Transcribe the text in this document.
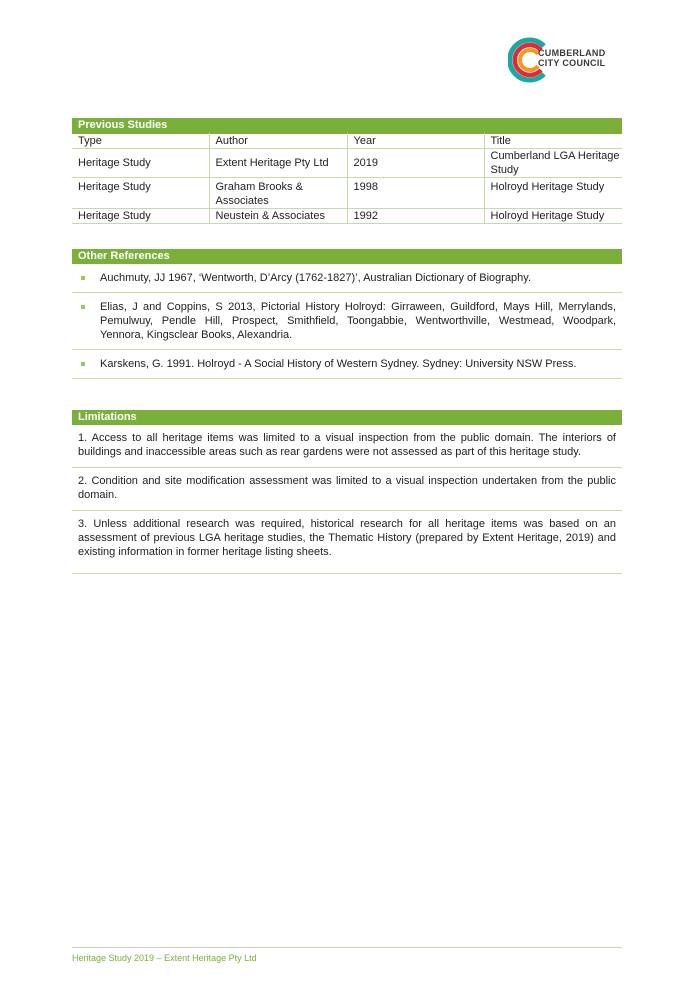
CUMBERLAND
CITY COUNCIL
Previous Studies
Type	Author	Year	Title
Heritage Study	Extent Heritage Pty Ltd	2019	Cumberland LGA Heritage Study
Heritage Study	Graham Brooks & Associates	1998	Holroyd Heritage Study
Heritage Study	Neustein & Associates	1992	Holroyd Heritage Study
Other References
Auchmuty, JJ 1967, ‘Wentworth, D’Arcy (1762-1827)’, Australian Dictionary of Biography.
Elias, J and Coppins, S 2013, Pictorial History Holroyd: Girraween, Guildford, Mays Hill, Merrylands, Pemulwuy, Pendle Hill, Prospect, Smithfield, Toongabbie, Wentworthville, Westmead, Woodpark, Yennora, Kingsclear Books, Alexandria.
Karskens, G. 1991. Holroyd - A Social History of Western Sydney. Sydney: University NSW Press.
Limitations
1. Access to all heritage items was limited to a visual inspection from the public domain. The interiors of buildings and inaccessible areas such as rear gardens were not assessed as part of this heritage study.
2. Condition and site modification assessment was limited to a visual inspection undertaken from the public domain.
3. Unless additional research was required, historical research for all heritage items was based on an assessment of previous LGA heritage studies, the Thematic History (prepared by Extent Heritage, 2019) and existing information in former heritage listing sheets.
Heritage Study 2019 – Extent Heritage Pty Ltd
